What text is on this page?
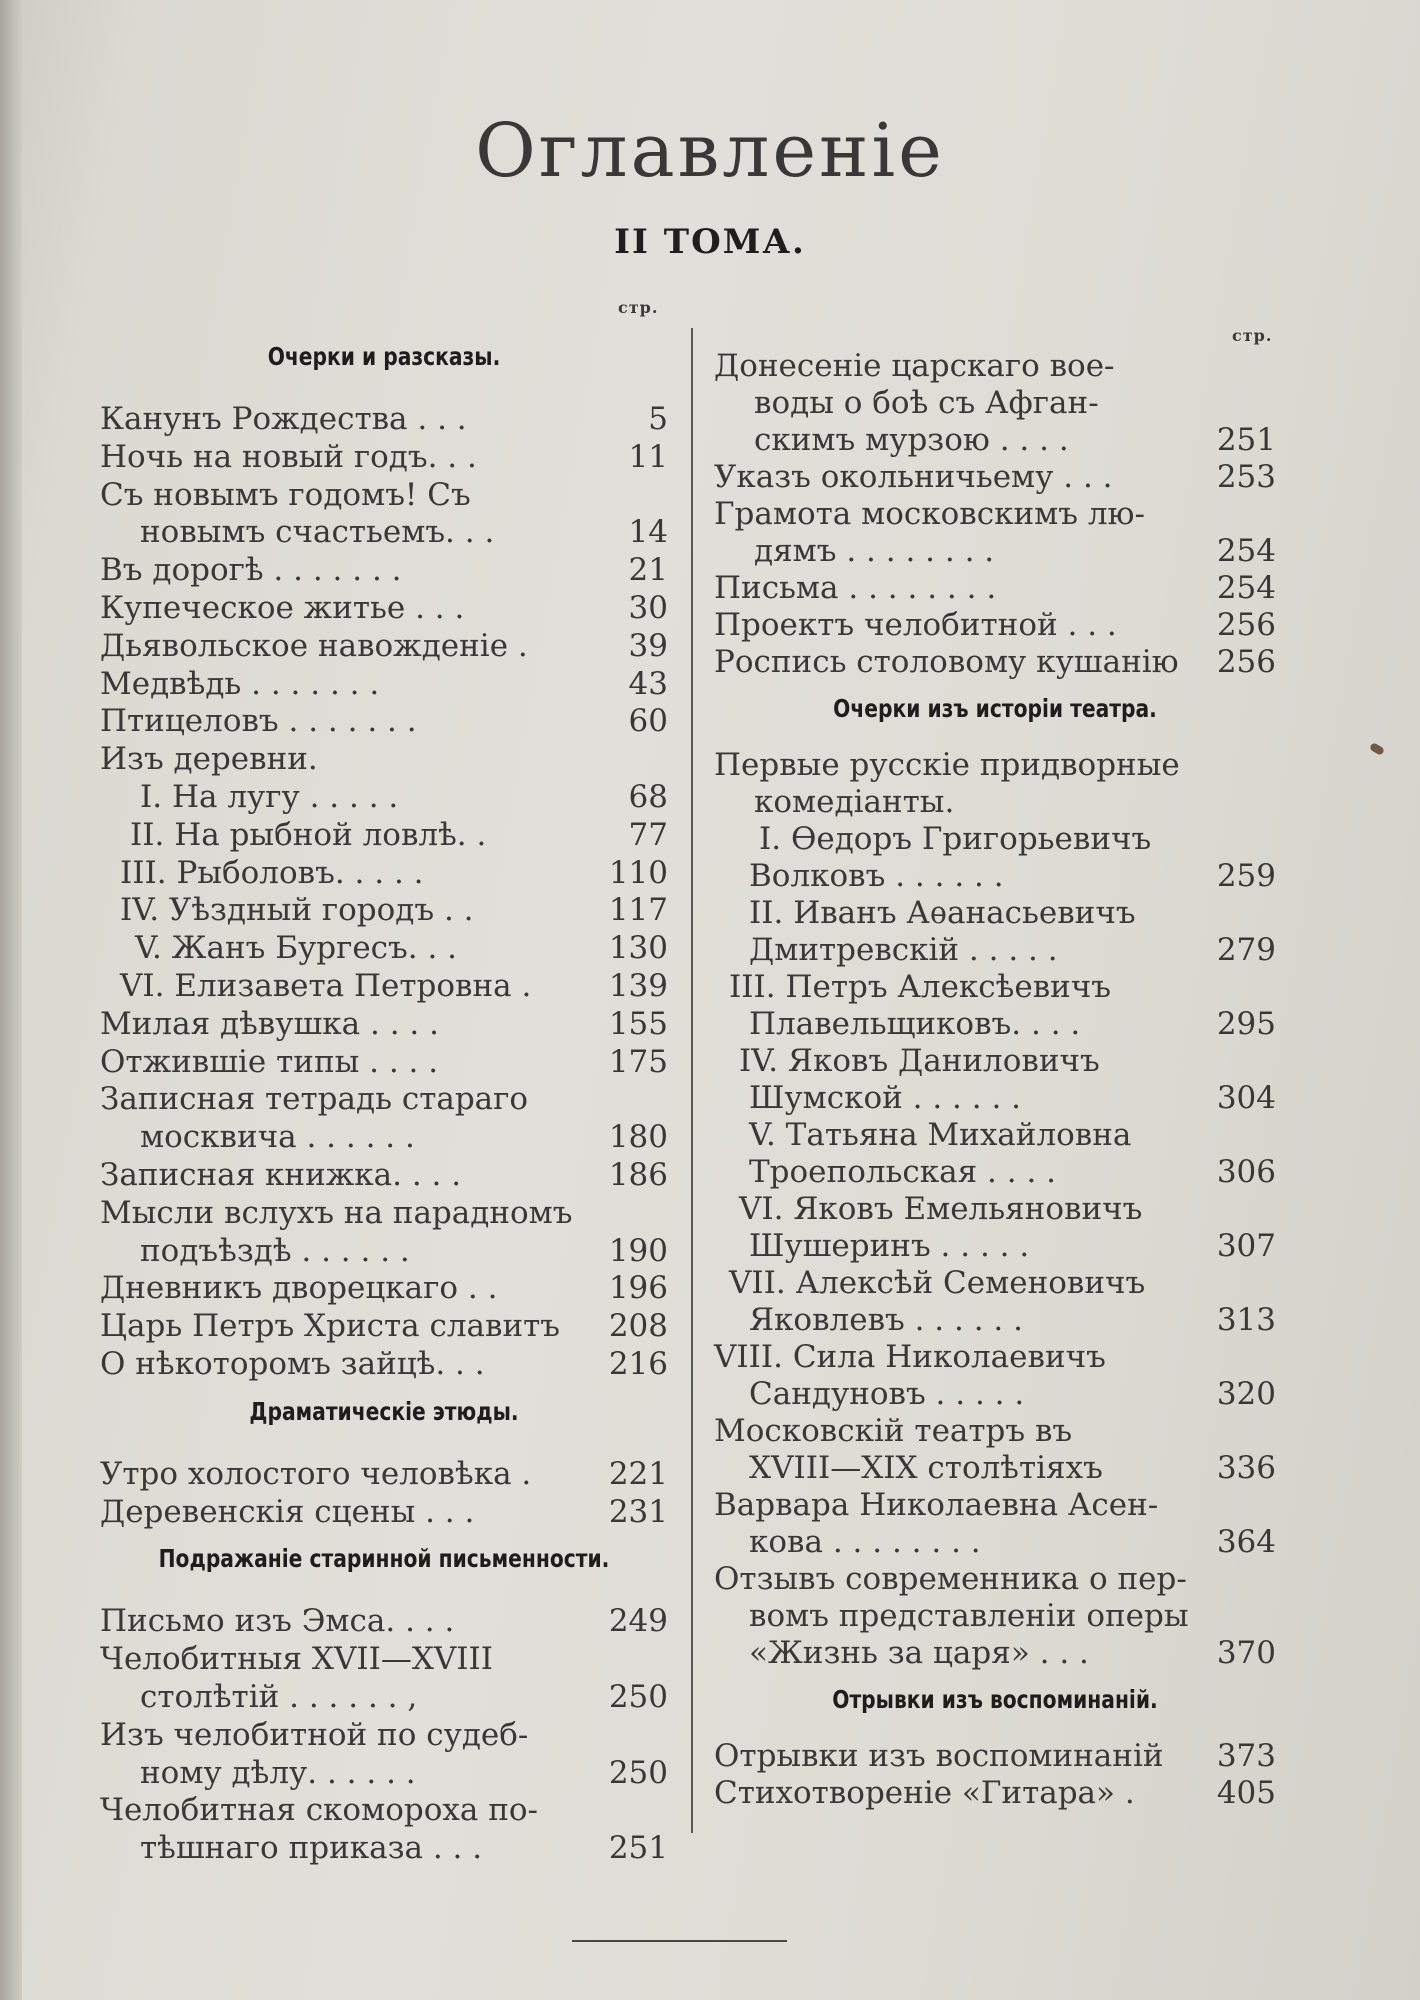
Оглавленіе
II ТОМА.
стр.
стр.
Очерки и разсказы.
Канунъ Рождества . . .	5
Ночь на новый годъ. . .	11
Съ новымъ годомъ! Съ
новымъ счастьемъ. . .	14
Въ дорогѣ . . . . . . .	21
Купеческое житье . . .	30
Дьявольское навожденіе .	39
Медвѣдь . . . . . . .	43
Птицеловъ . . . . . . .	60
Изъ деревни.
I. На лугу . . . . .	68
II. На рыбной ловлѣ. .	77
III. Рыболовъ. . . . .	110
IV. Уѣздный городъ . .	117
V. Жанъ Бургесъ. . .	130
VI. Елизавета Петровна .	139
Милая дѣвушка . . . .	155
Отжившіе типы . . . .	175
Записная тетрадь стараго
москвича . . . . . .	180
Записная книжка. . . .	186
Мысли вслухъ на парадномъ
подъѣздѣ . . . . . .	190
Дневникъ дворецкаго . .	196
Царь Петръ Христа славитъ	208
О нѣкоторомъ зайцѣ. . .	216
Драматическіе этюды.
Утро холостого человѣка .	221
Деревенскія сцены . . .	231
Подражаніе старинной письменности.
Письмо изъ Эмса. . . .	249
Челобитныя XVII—XVIII
столѣтій . . . . . . ,	250
Изъ челобитной по судеб-
ному дѣлу. . . . . .	250
Челобитная скомороха по-
тѣшнаго приказа . . .	251
Донесеніе царскаго вое-
воды о боѣ съ Афган-
скимъ мурзою . . . .	251
Указъ окольничьему . . .	253
Грамота московскимъ лю-
дямъ . . . . . . . .	254
Письма . . . . . . . .	254
Проектъ челобитной . . .	256
Роспись столовому кушанію	256
Очерки изъ исторіи театра.
Первые русскіе придворные
комедіанты.
I. Ѳедоръ Григорьевичъ
Волковъ . . . . . .	259
II. Иванъ Аѳанасьевичъ
Дмитревскій . . . . .	279
III. Петръ Алексѣевичъ
Плавельщиковъ. . . .	295
IV. Яковъ Даниловичъ
Шумской . . . . . .	304
V. Татьяна Михайловна
Троепольская . . . .	306
VI. Яковъ Емельяновичъ
Шушеринъ . . . . .	307
VII. Алексѣй Семеновичъ
Яковлевъ . . . . . .	313
VIII. Сила Николаевичъ
Сандуновъ . . . . .	320
Московскій театръ въ
XVIII—XIX столѣтіяхъ	336
Варвара Николаевна Асен-
кова . . . . . . . .	364
Отзывъ современника о пер-
вомъ представленіи оперы
«Жизнь за царя» . . .	370
Отрывки изъ воспоминаній.
Отрывки изъ воспоминаній	373
Стихотвореніе «Гитара» .	405
